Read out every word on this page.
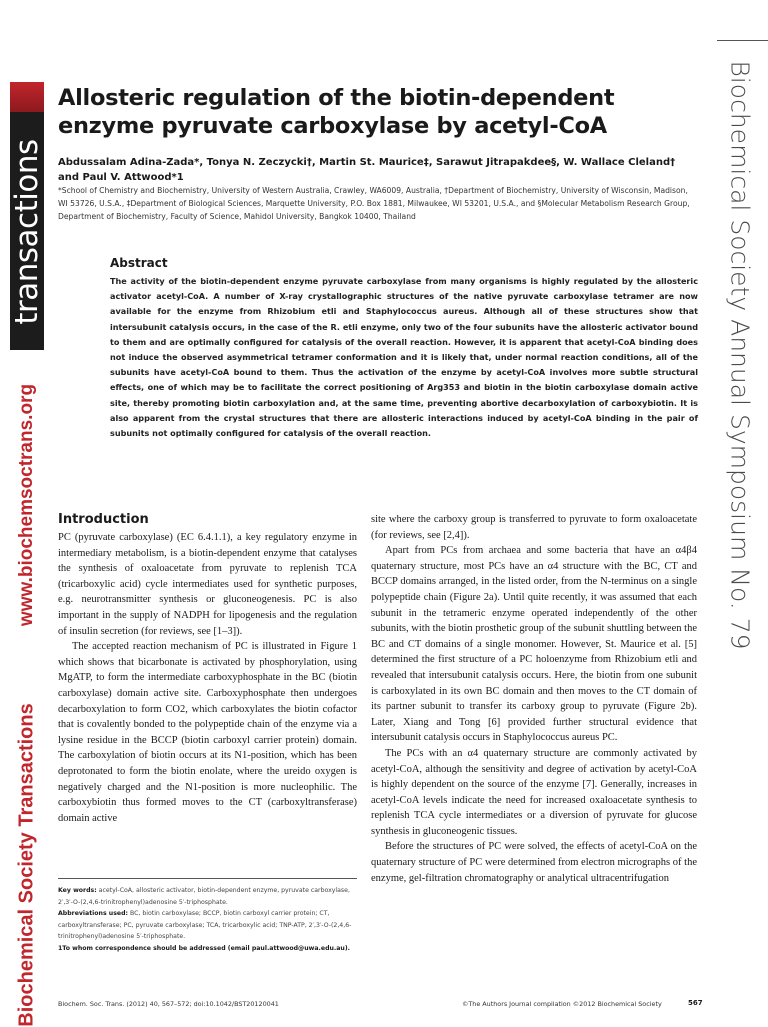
transactions
www.biochemsoctrans.org
Biochemical Society Transactions
Biochemical Society Annual Symposium No. 79
Allosteric regulation of the biotin-dependent enzyme pyruvate carboxylase by acetyl-CoA

Abdussalam Adina-Zada*, Tonya N. Zeczycki†, Martin St. Maurice‡, Sarawut Jitrapakdee§, W. Wallace Cleland† and Paul V. Attwood*1

*School of Chemistry and Biochemistry, University of Western Australia, Crawley, WA6009, Australia, †Department of Biochemistry, University of Wisconsin, Madison, WI 53726, U.S.A., ‡Department of Biological Sciences, Marquette University, P.O. Box 1881, Milwaukee, WI 53201, U.S.A., and §Molecular Metabolism Research Group, Department of Biochemistry, Faculty of Science, Mahidol University, Bangkok 10400, Thailand

Abstract

The activity of the biotin-dependent enzyme pyruvate carboxylase from many organisms is highly regulated by the allosteric activator acetyl-CoA. A number of X-ray crystallographic structures of the native pyruvate carboxylase tetramer are now available for the enzyme from Rhizobium etli and Staphylococcus aureus. Although all of these structures show that intersubunit catalysis occurs, in the case of the R. etli enzyme, only two of the four subunits have the allosteric activator bound to them and are optimally configured for catalysis of the overall reaction. However, it is apparent that acetyl-CoA binding does not induce the observed asymmetrical tetramer conformation and it is likely that, under normal reaction conditions, all of the subunits have acetyl-CoA bound to them. Thus the activation of the enzyme by acetyl-CoA involves more subtle structural effects, one of which may be to facilitate the correct positioning of Arg353 and biotin in the biotin carboxylase domain active site, thereby promoting biotin carboxylation and, at the same time, preventing abortive decarboxylation of carboxybiotin. It is also apparent from the crystal structures that there are allosteric interactions induced by acetyl-CoA binding in the pair of subunits not optimally configured for catalysis of the overall reaction.

Introduction

PC (pyruvate carboxylase) (EC 6.4.1.1), a key regulatory enzyme in intermediary metabolism, is a biotin-dependent enzyme that catalyses the synthesis of oxaloacetate from pyruvate to replenish TCA (tricarboxylic acid) cycle intermediates used for synthetic purposes, e.g. neurotransmitter synthesis or gluconeogenesis. PC is also important in the supply of NADPH for lipogenesis and the regulation of insulin secretion (for reviews, see [1–3]).

The accepted reaction mechanism of PC is illustrated in Figure 1 which shows that bicarbonate is activated by phosphorylation, using MgATP, to form the intermediate carboxyphosphate in the BC (biotin carboxylase) domain active site. Carboxyphosphate then undergoes decarboxylation to form CO2, which carboxylates the biotin cofactor that is covalently bonded to the polypeptide chain of the enzyme via a lysine residue in the BCCP (biotin carboxyl carrier protein) domain. The carboxylation of biotin occurs at its N1-position, which has been deprotonated to form the biotin enolate, where the ureido oxygen is negatively charged and the N1-position is more nucleophilic. The carboxybiotin thus formed moves to the CT (carboxyltransferase) domain active

site where the carboxy group is transferred to pyruvate to form oxaloacetate (for reviews, see [2,4]).

Apart from PCs from archaea and some bacteria that have an α4β4 quaternary structure, most PCs have an α4 structure with the BC, CT and BCCP domains arranged, in the listed order, from the N-terminus on a single polypeptide chain (Figure 2a). Until quite recently, it was assumed that each subunit in the tetrameric enzyme operated independently of the other subunits, with the biotin prosthetic group of the subunit shuttling between the BC and CT domains of a single monomer. However, St. Maurice et al. [5] determined the first structure of a PC holoenzyme from Rhizobium etli and revealed that intersubunit catalysis occurs. Here, the biotin from one subunit is carboxylated in its own BC domain and then moves to the CT domain of its partner subunit to transfer its carboxy group to pyruvate (Figure 2b). Later, Xiang and Tong [6] provided further structural evidence that intersubunit catalysis occurs in Staphylococcus aureus PC.

The PCs with an α4 quaternary structure are commonly activated by acetyl-CoA, although the sensitivity and degree of activation by acetyl-CoA is highly dependent on the source of the enzyme [7]. Generally, increases in acetyl-CoA levels indicate the need for increased oxaloacetate synthesis to replenish TCA cycle intermediates or a diversion of pyruvate for glucose synthesis in gluconeogenic tissues.

Before the structures of PC were solved, the effects of acetyl-CoA on the quaternary structure of PC were determined from electron micrographs of the enzyme, gel-filtration chromatography or analytical ultracentrifugation

Key words: acetyl-CoA, allosteric activator, biotin-dependent enzyme, pyruvate carboxylase, 2′,3′-O-(2,4,6-trinitrophenyl)adenosine 5′-triphosphate.

Abbreviations used: BC, biotin carboxylase; BCCP, biotin carboxyl carrier protein; CT, carboxyltransferase; PC, pyruvate carboxylase; TCA, tricarboxylic acid; TNP-ATP, 2′,3′-O-(2,4,6-trinitrophenyl)adenosine 5′-triphosphate.

1To whom correspondence should be addressed (email paul.attwood@uwa.edu.au).

Biochem. Soc. Trans. (2012) 40, 567–572; doi:10.1042/BST20120041	©The Authors Journal compilation ©2012 Biochemical Society	567
